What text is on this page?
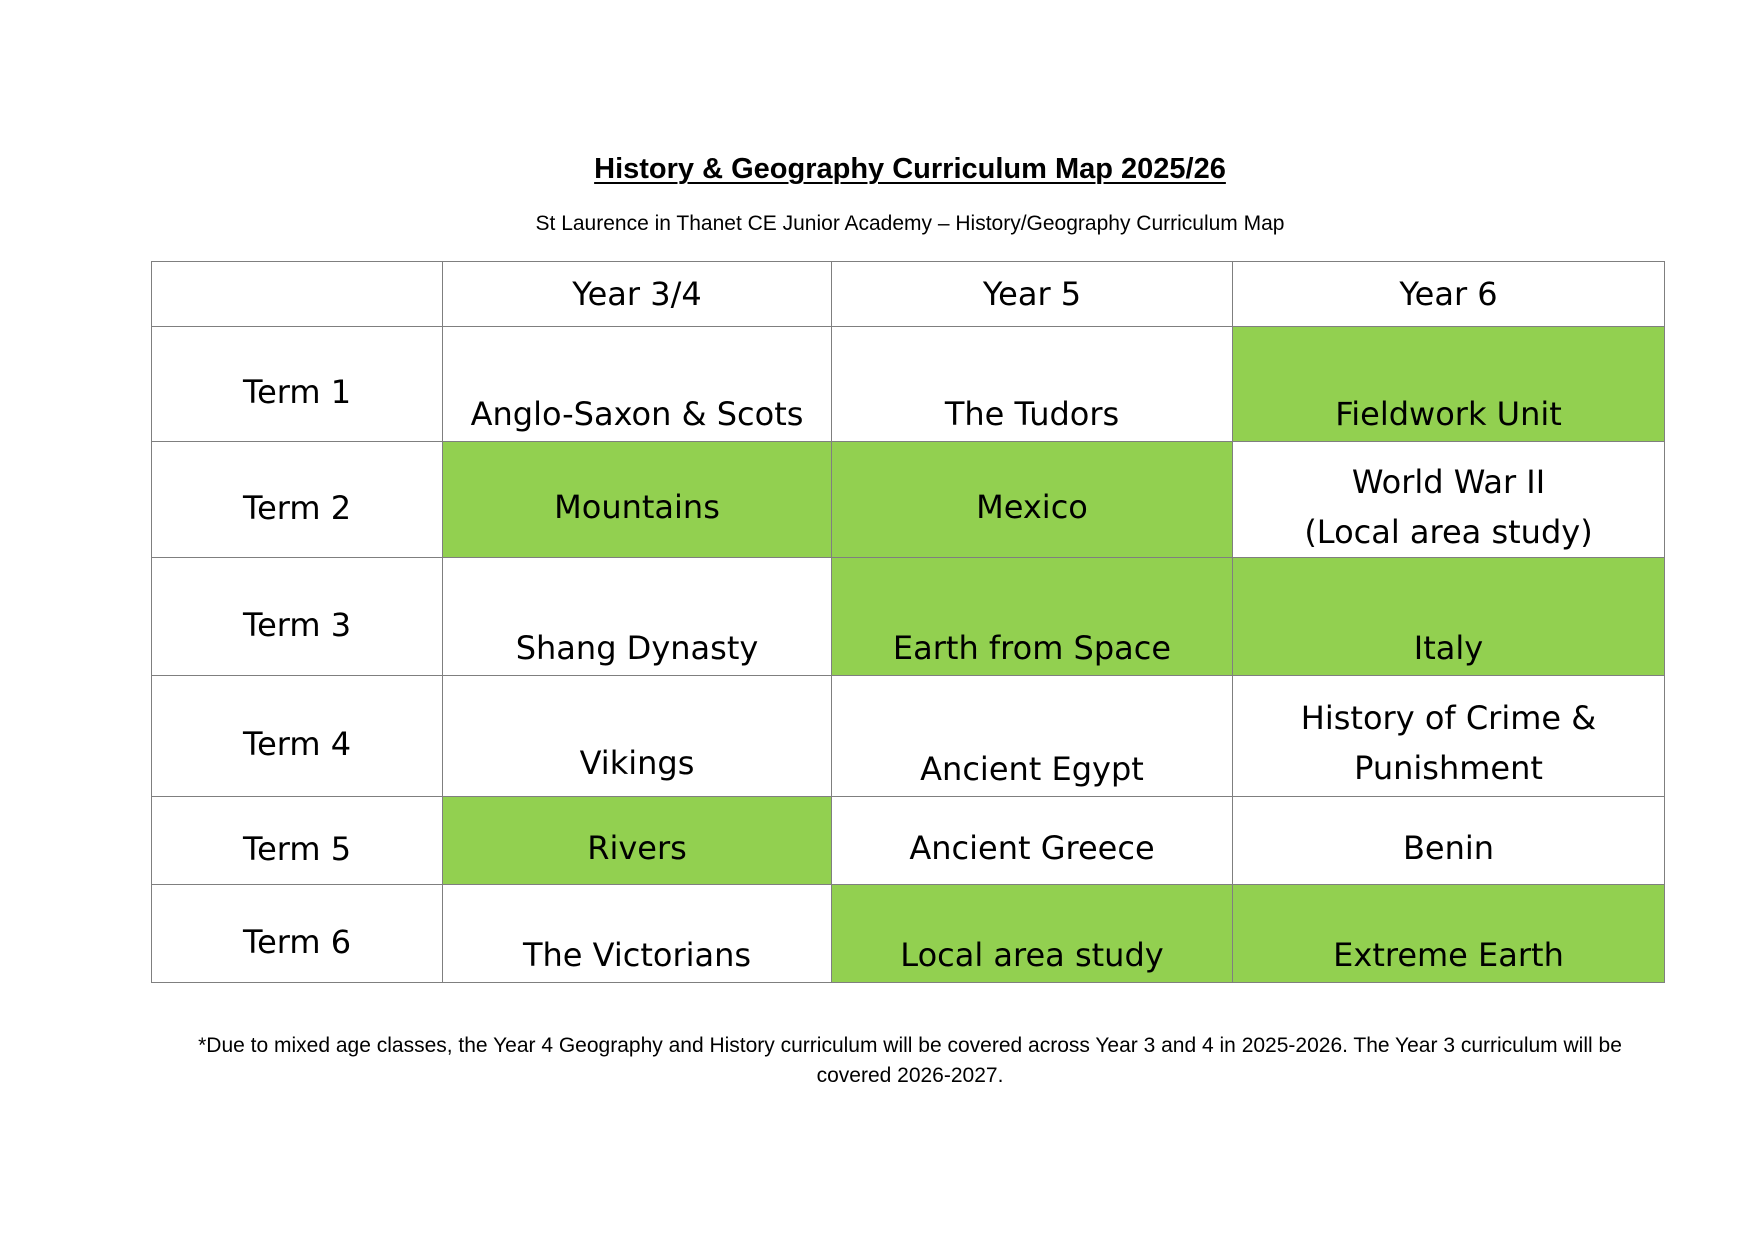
History & Geography Curriculum Map 2025/26
St Laurence in Thanet CE Junior Academy – History/Geography Curriculum Map

	Year 3/4	Year 5	Year 6

Term 1	Anglo-Saxon & Scots	The Tudors	Fieldwork Unit

Term 2	Mountains	Mexico	World War II
(Local area study)

Term 3	Shang Dynasty	Earth from Space	Italy

Term 4	Vikings	Ancient Egypt	History of Crime &
Punishment

Term 5	Rivers	Ancient Greece	Benin

Term 6	The Victorians	Local area study	Extreme Earth
*Due to mixed age classes, the Year 4 Geography and History curriculum will be covered across Year 3 and 4 in 2025-2026. The Year 3 curriculum will be
covered 2026-2027.
